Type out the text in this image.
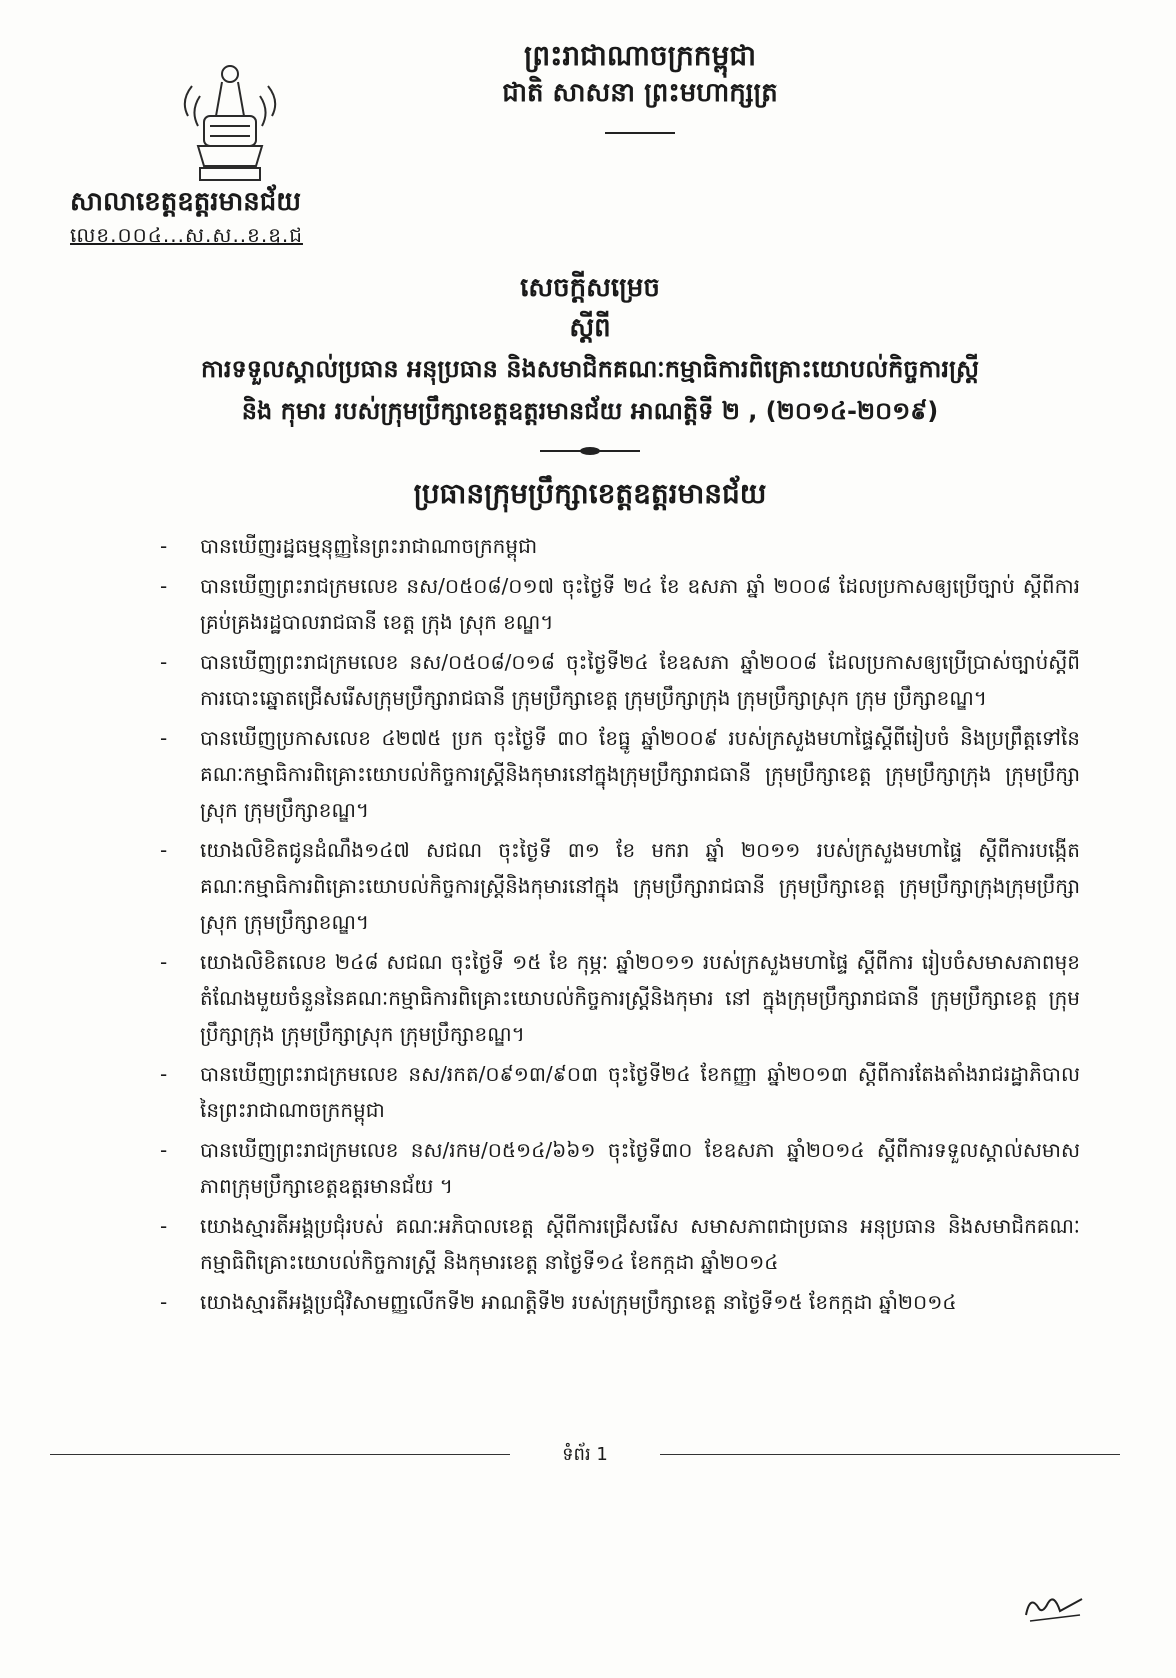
ព្រះរាជាណាចក្រកម្ពុជា
ជាតិ សាសនា ព្រះមហាក្សត្រ
សាលាខេត្តឧត្តរមានជ័យ
លេខ.០០៤...ស.ស..ខ.ឧ.ជ
សេចក្តីសម្រេច
ស្តីពី
ការទទួលស្គាល់ប្រធាន អនុប្រធាន និងសមាជិកគណៈកម្មាធិការពិគ្រោះយោបល់កិច្ចការស្ត្រី
និង កុមារ របស់ក្រុមប្រឹក្សាខេត្តឧត្តរមានជ័យ អាណត្តិទី ២ , (២០១៤-២០១៩)
ប្រធានក្រុមប្រឹក្សាខេត្តឧត្តរមានជ័យ
- បានឃើញរដ្ឋធម្មនុញ្ញនៃព្រះរាជាណាចក្រកម្ពុជា
- បានឃើញព្រះរាជក្រមលេខ នស/០៥០៨/០១៧ ចុះថ្ងៃទី ២៤ ខែ ឧសភា ឆ្នាំ ២០០៨ ដែលប្រកាសឲ្យប្រើច្បាប់ ស្តីពីការគ្រប់គ្រងរដ្ឋបាលរាជធានី ខេត្ត ក្រុង ស្រុក ខណ្ឌ។
- បានឃើញព្រះរាជក្រមលេខ នស/០៥០៨/០១៨ ចុះថ្ងៃទី២៤ ខែឧសភា ឆ្នាំ២០០៨ ដែលប្រកាសឲ្យប្រើប្រាស់ច្បាប់ស្តីពីការបោះឆ្នោតជ្រើសរើសក្រុមប្រឹក្សារាជធានី ក្រុមប្រឹក្សាខេត្ត ក្រុមប្រឹក្សាក្រុង ក្រុមប្រឹក្សាស្រុក ក្រុម ប្រឹក្សាខណ្ឌ។
- បានឃើញប្រកាសលេខ ៤២៧៥ ប្រក ចុះថ្ងៃទី ៣០ ខែធ្នូ ឆ្នាំ២០០៩ របស់ក្រសួងមហាផ្ទៃស្តីពីរៀបចំ និងប្រព្រឹត្តទៅនៃគណៈកម្មាធិការពិគ្រោះយោបល់កិច្ចការស្ត្រីនិងកុមារនៅក្នុងក្រុមប្រឹក្សារាជធានី ក្រុមប្រឹក្សាខេត្ត ក្រុមប្រឹក្សាក្រុង ក្រុមប្រឹក្សាស្រុក ក្រុមប្រឹក្សាខណ្ឌ។
- យោងលិខិតជូនដំណឹង១៤៧ សជណ ចុះថ្ងៃទី ៣១ ខែ មករា ឆ្នាំ ២០១១ របស់ក្រសួងមហាផ្ទៃ ស្តីពីការបង្កើតគណៈកម្មាធិការពិគ្រោះយោបល់កិច្ចការស្ត្រីនិងកុមារនៅក្នុង ក្រុមប្រឹក្សារាជធានី ក្រុមប្រឹក្សាខេត្ត ក្រុមប្រឹក្សាក្រុងក្រុមប្រឹក្សាស្រុក ក្រុមប្រឹក្សាខណ្ឌ។
- យោងលិខិតលេខ ២៤៨ សជណ ចុះថ្ងៃទី ១៥ ខែ កុម្ភៈ ឆ្នាំ២០១១ របស់ក្រសួងមហាផ្ទៃ ស្តីពីការ រៀបចំសមាសភាពមុខតំណែងមួយចំនួននៃគណៈកម្មាធិការពិគ្រោះយោបល់កិច្ចការស្ត្រីនិងកុមារ នៅ ក្នុងក្រុមប្រឹក្សារាជធានី ក្រុមប្រឹក្សាខេត្ត ក្រុមប្រឹក្សាក្រុង ក្រុមប្រឹក្សាស្រុក ក្រុមប្រឹក្សាខណ្ឌ។
- បានឃើញព្រះរាជក្រមលេខ នស/រកត/០៩១៣/៩០៣ ចុះថ្ងៃទី២៤ ខែកញ្ញា ឆ្នាំ២០១៣ ស្តីពីការតែងតាំងរាជរដ្ឋាភិបាលនៃព្រះរាជាណាចក្រកម្ពុជា
- បានឃើញព្រះរាជក្រមលេខ នស/រកម/០៥១៤/៦៦១ ចុះថ្ងៃទី៣០ ខែឧសភា ឆ្នាំ២០១៤ ស្តីពីការទទួលស្គាល់សមាសភាពក្រុមប្រឹក្សាខេត្តឧត្តរមានជ័យ ។
- យោងស្មារតីអង្គប្រជុំរបស់ គណៈអភិបាលខេត្ត ស្តីពីការជ្រើសរើស សមាសភាពជាប្រធាន អនុប្រធាន និងសមាជិកគណៈកម្មាធិពិគ្រោះយោបល់កិច្ចការស្ត្រី និងកុមារខេត្ត នាថ្ងៃទី១៤ ខែកក្កដា ឆ្នាំ២០១៤
- យោងស្មារតីអង្គប្រជុំវិសាមញ្ញលើកទី២ អាណត្តិទី២ របស់ក្រុមប្រឹក្សាខេត្ត នាថ្ងៃទី១៥ ខែកក្កដា ឆ្នាំ២០១៤
ទំព័រ 1
